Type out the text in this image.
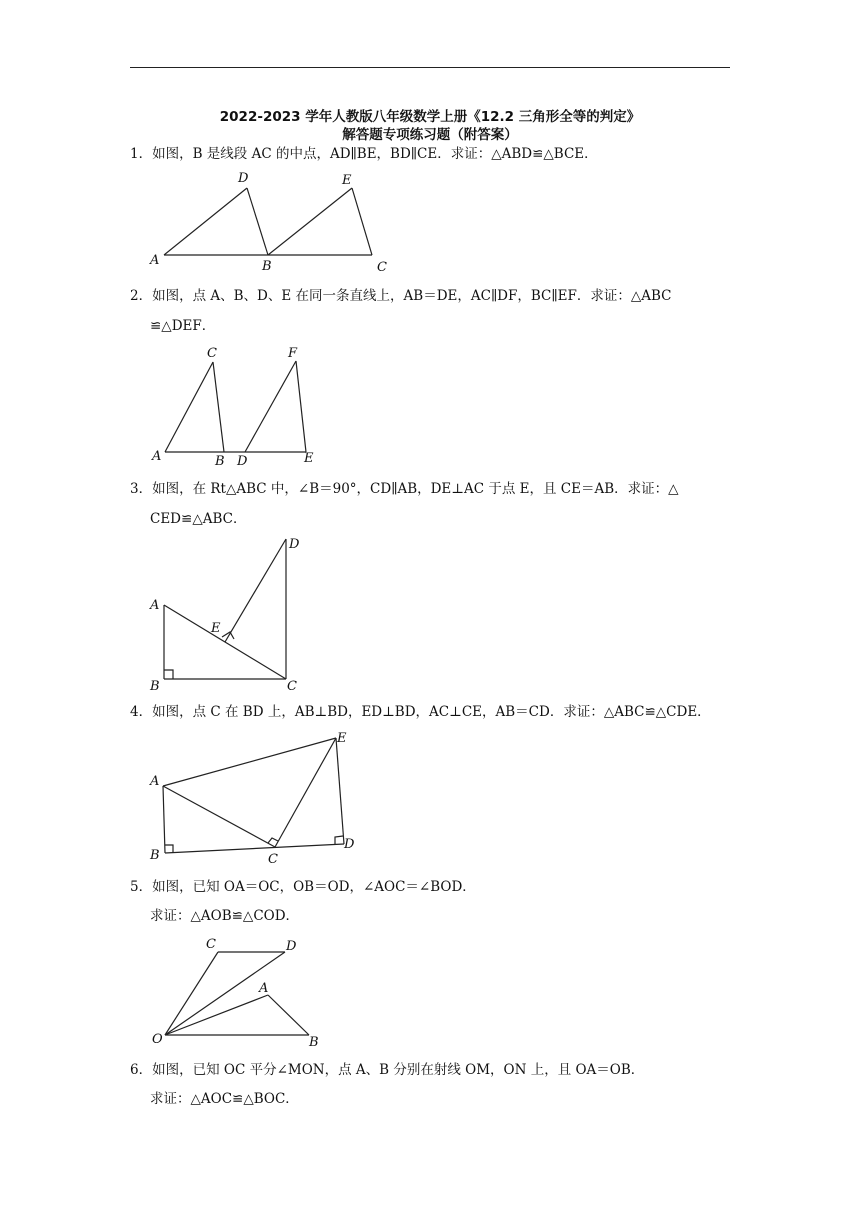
2022-2023 学年人教版八年级数学上册《12.2 三角形全等的判定》
解答题专项练习题（附答案）
1．如图，B 是线段 AC 的中点，AD∥BE，BD∥CE．求证：△ABD≌△BCE．
A	B	C
D	E
2．如图，点 A、B、D、E 在同一条直线上，AB＝DE，AC∥DF，BC∥EF．求证：△ABC
≌△DEF．
A	B
C
D	E
F
3．如图，在 Rt△ABC 中，∠B＝90°，CD∥AB，DE⊥AC 于点 E，且 CE＝AB．求证：△
CED≌△ABC．
A
B	C
D
E
4．如图，点 C 在 BD 上，AB⊥BD，ED⊥BD，AC⊥CE，AB＝CD．求证：△ABC≌△CDE．
A
B	C
D
E
5．如图，已知 OA＝OC，OB＝OD，∠AOC＝∠BOD．
求证：△AOB≌△COD．
O
A
B
C	D
6．如图，已知 OC 平分∠MON，点 A、B 分别在射线 OM，ON 上，且 OA＝OB．
求证：△AOC≌△BOC．
